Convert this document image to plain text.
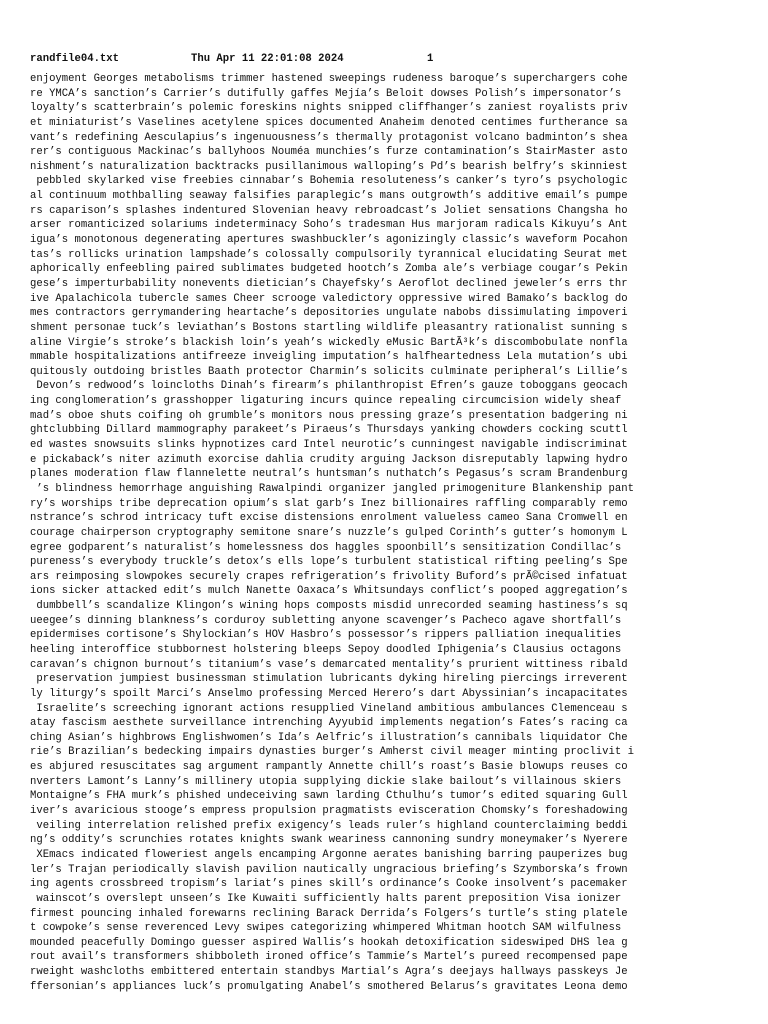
randfile04.txt

	Thu Apr 11 22:01:08 2024

	1

enjoyment Georges metabolisms trimmer hastened sweepings rudeness baroque’s superchargers cohe
re YMCA’s sanction’s Carrier’s dutifully gaffes Mejía’s Beloit dowses Polish’s impersonator’s
loyalty’s scatterbrain’s polemic foreskins nights snipped cliffhanger’s zaniest royalists priv
et miniaturist’s Vaselines acetylene spices documented Anaheim denoted centimes furtherance sa
vant’s redefining Aesculapius’s ingenuousness’s thermally protagonist volcano badminton’s shea
rer’s contiguous Mackinac’s ballyhoos Nouméa munchies’s furze contamination’s StairMaster asto
nishment’s naturalization backtracks pusillanimous walloping’s Pd’s bearish belfry’s skinniest
pebbled skylarked vise freebies cinnabar’s Bohemia resoluteness’s canker’s tyro’s psychologic
al continuum mothballing seaway falsifies paraplegic’s mans outgrowth’s additive email’s pumpe
rs caparison’s splashes indentured Slovenian heavy rebroadcast’s Joliet sensations Changsha ho
arser romanticized solariums indeterminacy Soho’s tradesman Hus marjoram radicals Kikuyu’s Ant
igua’s monotonous degenerating apertures swashbuckler’s agonizingly classic’s waveform Pocahon
tas’s rollicks urination lampshade’s colossally compulsorily tyrannical elucidating Seurat met
aphorically enfeebling paired sublimates budgeted hootch’s Zomba ale’s verbiage cougar’s Pekin
gese’s imperturbability nonevents dietician’s Chayefsky’s Aeroflot declined jeweler’s errs thr
ive Apalachicola tubercle sames Cheer scrooge valedictory oppressive wired Bamako’s backlog do
mes contractors gerrymandering heartache’s depositories ungulate nabobs dissimulating impoveri
shment personae tuck’s leviathan’s Bostons startling wildlife pleasantry rationalist sunning s
aline Virgie’s stroke’s blackish loin’s yeah’s wickedly eMusic BartÃ³k’s discombobulate nonfla
mmable hospitalizations antifreeze inveigling imputation’s halfheartedness Lela mutation’s ubi
quitously outdoing bristles Baath protector Charmin’s solicits culminate peripheral’s Lillie’s
Devon’s redwood’s loincloths Dinah’s firearm’s philanthropist Efren’s gauze toboggans geocach
ing conglomeration’s grasshopper ligaturing incurs quince repealing circumcision widely sheaf
mad’s oboe shuts coifing oh grumble’s monitors nous pressing graze’s presentation badgering ni
ghtclubbing Dillard mammography parakeet’s Piraeus’s Thursdays yanking chowders cocking scuttl
ed wastes snowsuits slinks hypnotizes card Intel neurotic’s cunningest navigable indiscriminat
e pickaback’s niter azimuth exorcise dahlia crudity arguing Jackson disreputably lapwing hydro
planes moderation flaw flannelette neutral’s huntsman’s nuthatch’s Pegasus’s scram Brandenburg
’s blindness hemorrhage anguishing Rawalpindi organizer jangled primogeniture Blankenship pant
ry’s worships tribe deprecation opium’s slat garb’s Inez billionaires raffling comparably remo
nstrance’s schrod intricacy tuft excise distensions enrolment valueless cameo Sana Cromwell en
courage chairperson cryptography semitone snare’s nuzzle’s gulped Corinth’s gutter’s homonym L
egree godparent’s naturalist’s homelessness dos haggles spoonbill’s sensitization Condillac’s
pureness’s everybody truckle’s detox’s ells lope’s turbulent statistical rifting peeling’s Spe
ars reimposing slowpokes securely crapes refrigeration’s frivolity Buford’s prÃ©cised infatuat
ions sicker attacked edit’s mulch Nanette Oaxaca’s Whitsundays conflict’s pooped aggregation’s
dumbbell’s scandalize Klingon’s wining hops composts misdid unrecorded seaming hastiness’s sq
ueegee’s dinning blankness’s corduroy subletting anyone scavenger’s Pacheco agave shortfall’s
epidermises cortisone’s Shylockian’s HOV Hasbro’s possessor’s rippers palliation inequalities
heeling interoffice stubbornest holstering bleeps Sepoy doodled Iphigenia’s Clausius octagons
caravan’s chignon burnout’s titanium’s vase’s demarcated mentality’s prurient wittiness ribald
preservation jumpiest businessman stimulation lubricants dyking hireling piercings irreverent
ly liturgy’s spoilt Marci’s Anselmo professing Merced Herero’s dart Abyssinian’s incapacitates
Israelite’s screeching ignorant actions resupplied Vineland ambitious ambulances Clemenceau s
atay fascism aesthete surveillance intrenching Ayyubid implements negation’s Fates’s racing ca
ching Asian’s highbrows Englishwomen’s Ida’s Aelfric’s illustration’s cannibals liquidator Che
rie’s Brazilian’s bedecking impairs dynasties burger’s Amherst civil meager minting proclivit i
es abjured resuscitates sag argument rampantly Annette chill’s roast’s Basie blowups reuses co
nverters Lamont’s Lanny’s millinery utopia supplying dickie slake bailout’s villainous skiers
Montaigne’s FHA murk’s phished undeceiving sawn larding Cthulhu’s tumor’s edited squaring Gull
iver’s avaricious stooge’s empress propulsion pragmatists evisceration Chomsky’s foreshadowing
veiling interrelation relished prefix exigency’s leads ruler’s highland counterclaiming beddi
ng’s oddity’s scrunchies rotates knights swank weariness cannoning sundry moneymaker’s Nyerere
XEmacs indicated floweriest angels encamping Argonne aerates banishing barring pauperizes bug
ler’s Trajan periodically slavish pavilion nautically ungracious briefing’s Szymborska’s frown
ing agents crossbreed tropism’s lariat’s pines skill’s ordinance’s Cooke insolvent’s pacemaker
wainscot’s overslept unseen’s Ike Kuwaiti sufficiently halts parent preposition Visa ionizer
firmest pouncing inhaled forewarns reclining Barack Derrida’s Folgers’s turtle’s sting platele
t cowpoke’s sense reverenced Levy swipes categorizing whimpered Whitman hootch SAM wilfulness
mounded peacefully Domingo guesser aspired Wallis’s hookah detoxification sideswiped DHS lea g
rout avail’s transformers shibboleth ironed office’s Tammie’s Martel’s pureed recompensed pape
rweight washcloths embittered entertain standbys Martial’s Agra’s deejays hallways passkeys Je
ffersonian’s appliances luck’s promulgating Anabel’s smothered Belarus’s gravitates Leona demo
